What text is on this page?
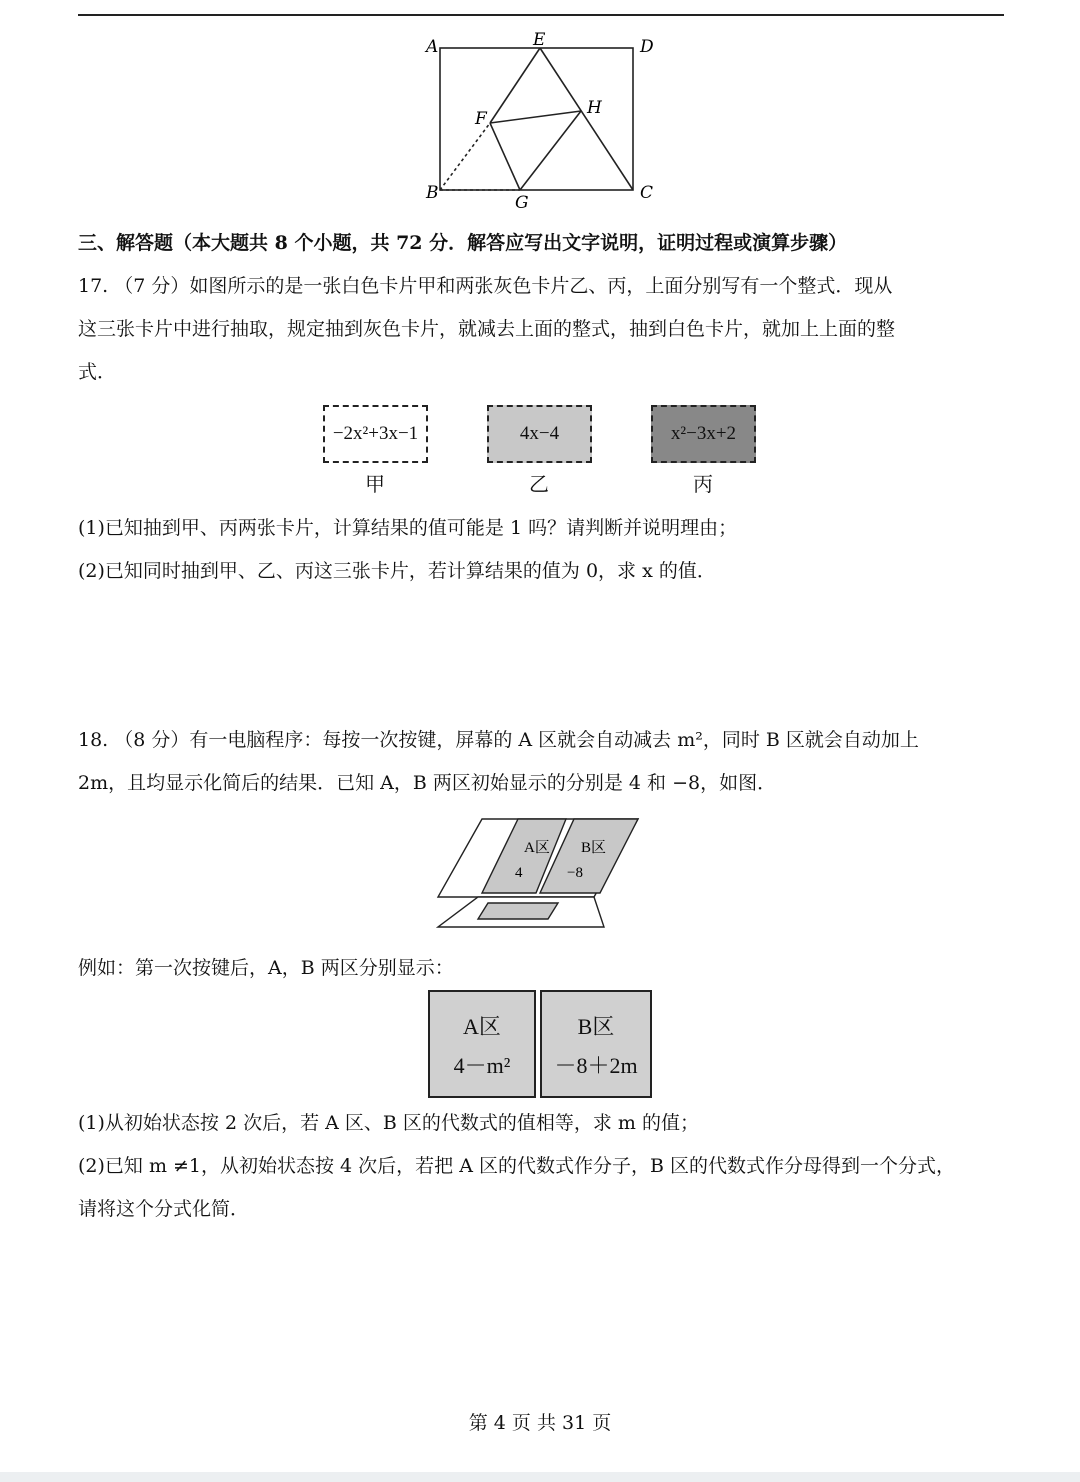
A	E	D
F
H
B	G	C
三、解答题（本大题共 8 个小题，共 72 分．解答应写出文字说明，证明过程或演算步骤）
17. （7 分）如图所示的是一张白色卡片甲和两张灰色卡片乙、丙，上面分别写有一个整式．现从
这三张卡片中进行抽取，规定抽到灰色卡片，就减去上面的整式，抽到白色卡片，就加上上面的整
式．
−2x²+3x−1	4x−4	x²−3x+2
甲	乙	丙
(1)已知抽到甲、丙两张卡片，计算结果的值可能是 1 吗？请判断并说明理由；
(2)已知同时抽到甲、乙、丙这三张卡片，若计算结果的值为 0，求 x 的值．
18. （8 分）有一电脑程序：每按一次按键，屏幕的 A 区就会自动减去 m²，同时 B 区就会自动加上
2m，且均显示化简后的结果．已知 A，B 两区初始显示的分别是 4 和 −8，如图．
A区
4
B区
−8
例如：第一次按键后，A，B 两区分别显示：
A区
4－m²
B区
－8＋2m
(1)从初始状态按 2 次后，若 A 区、B 区的代数式的值相等，求 m 的值；
(2)已知 m ≠1，从初始状态按 4 次后，若把 A 区的代数式作分子，B 区的代数式作分母得到一个分式，
请将这个分式化简．
第 4 页 共 31 页
